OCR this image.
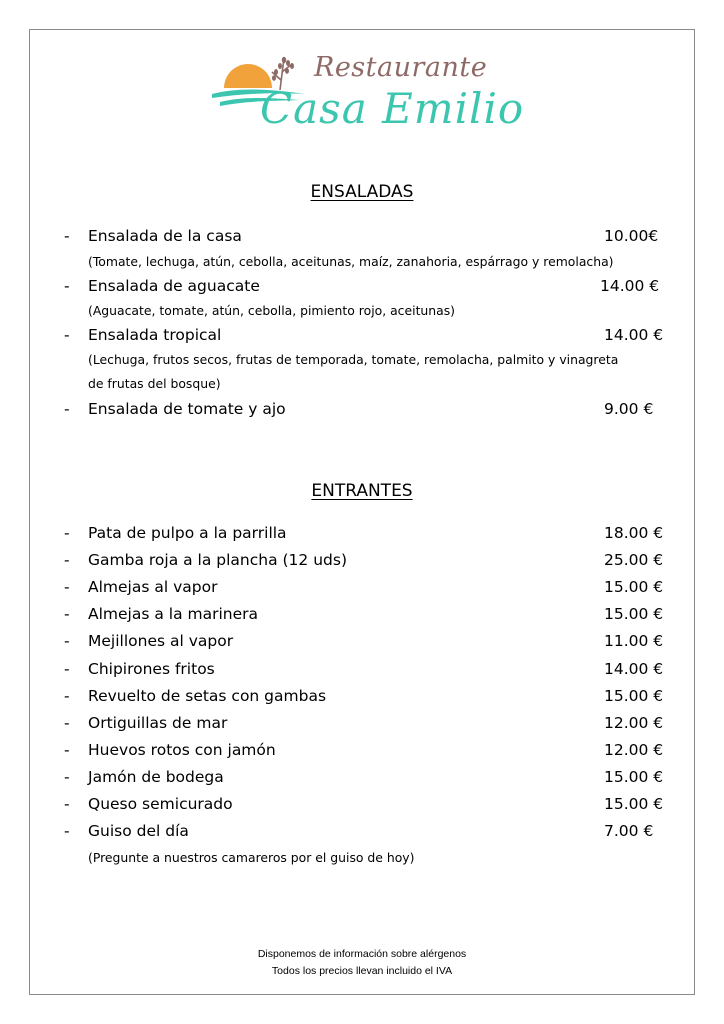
Restaurante
Casa Emilio
ENSALADAS
- Ensalada de la casa	10.00€
(Tomate, lechuga, atún, cebolla, aceitunas, maíz, zanahoria, espárrago y remolacha)
- Ensalada de aguacate	14.00 €
(Aguacate, tomate, atún, cebolla, pimiento rojo, aceitunas)
- Ensalada tropical	14.00 €
(Lechuga, frutos secos, frutas de temporada, tomate, remolacha, palmito y vinagreta
de frutas del bosque)
- Ensalada de tomate y ajo	9.00 €
ENTRANTES
- Pata de pulpo a la parrilla	18.00 €
- Gamba roja a la plancha (12 uds)	25.00 €
- Almejas al vapor	15.00 €
- Almejas a la marinera	15.00 €
- Mejillones al vapor	11.00 €
- Chipirones fritos	14.00 €
- Revuelto de setas con gambas	15.00 €
- Ortiguillas de mar	12.00 €
- Huevos rotos con jamón	12.00 €
- Jamón de bodega	15.00 €
- Queso semicurado	15.00 €
- Guiso del día	7.00 €
(Pregunte a nuestros camareros por el guiso de hoy)
Disponemos de información sobre alérgenos
Todos los precios llevan incluido el IVA
